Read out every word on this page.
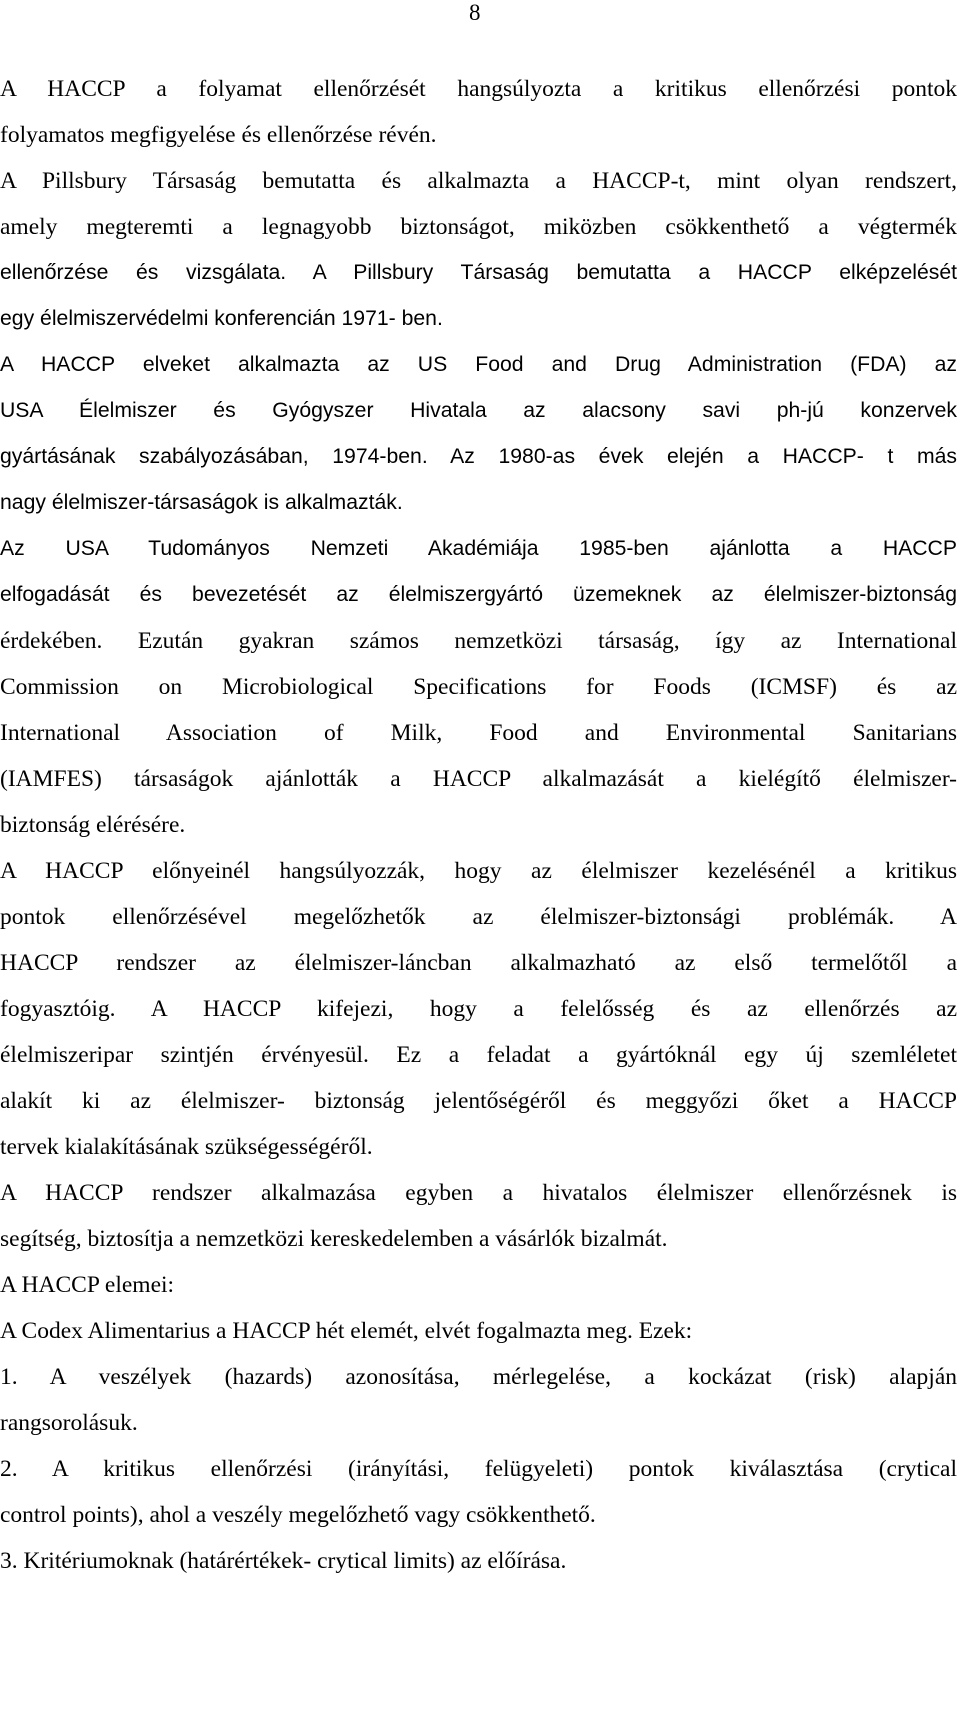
8
A HACCP a folyamat ellenőrzését hangsúlyozta a kritikus ellenőrzési pontok
folyamatos megfigyelése és ellenőrzése révén.
A Pillsbury Társaság bemutatta és alkalmazta a HACCP-t, mint olyan rendszert,
amely megteremti a legnagyobb biztonságot, miközben csökkenthető a végtermék
ellenőrzése és vizsgálata. A Pillsbury Társaság bemutatta a HACCP elképzelését
egy élelmiszervédelmi konferencián 1971- ben.
A HACCP elveket alkalmazta az US Food and Drug Administration (FDA) az
USA Élelmiszer és Gyógyszer Hivatala az alacsony savi ph-jú konzervek
gyártásának szabályozásában, 1974-ben. Az 1980-as évek elején a HACCP- t más
nagy élelmiszer-társaságok is alkalmazták.
Az USA Tudományos Nemzeti Akadémiája 1985-ben ajánlotta a HACCP
elfogadását és bevezetését az élelmiszergyártó üzemeknek az élelmiszer-biztonság
érdekében. Ezután gyakran számos nemzetközi társaság, így az International
Commission on Microbiological Specifications for Foods (ICMSF) és az
International Association of Milk, Food and Environmental Sanitarians
(IAMFES) társaságok ajánlották a HACCP alkalmazását a kielégítő élelmiszer-
biztonság elérésére.
A HACCP előnyeinél hangsúlyozzák, hogy az élelmiszer kezelésénél a kritikus
pontok ellenőrzésével megelőzhetők az élelmiszer-biztonsági problémák. A
HACCP rendszer az élelmiszer-láncban alkalmazható az első termelőtől a
fogyasztóig. A HACCP kifejezi, hogy a felelősség és az ellenőrzés az
élelmiszeripar szintjén érvényesül. Ez a feladat a gyártóknál egy új szemléletet
alakít ki az élelmiszer- biztonság jelentőségéről és meggyőzi őket a HACCP
tervek kialakításának szükségességéről.
A HACCP rendszer alkalmazása egyben a hivatalos élelmiszer ellenőrzésnek is
segítség, biztosítja a nemzetközi kereskedelemben a vásárlók bizalmát.
A HACCP elemei:
A Codex Alimentarius a HACCP hét elemét, elvét fogalmazta meg. Ezek:
1. A veszélyek (hazards) azonosítása, mérlegelése, a kockázat (risk) alapján
rangsorolásuk.
2. A kritikus ellenőrzési (irányítási, felügyeleti) pontok kiválasztása (crytical
control points), ahol a veszély megelőzhető vagy csökkenthető.
3. Kritériumoknak (határértékek- crytical limits) az előírása.
